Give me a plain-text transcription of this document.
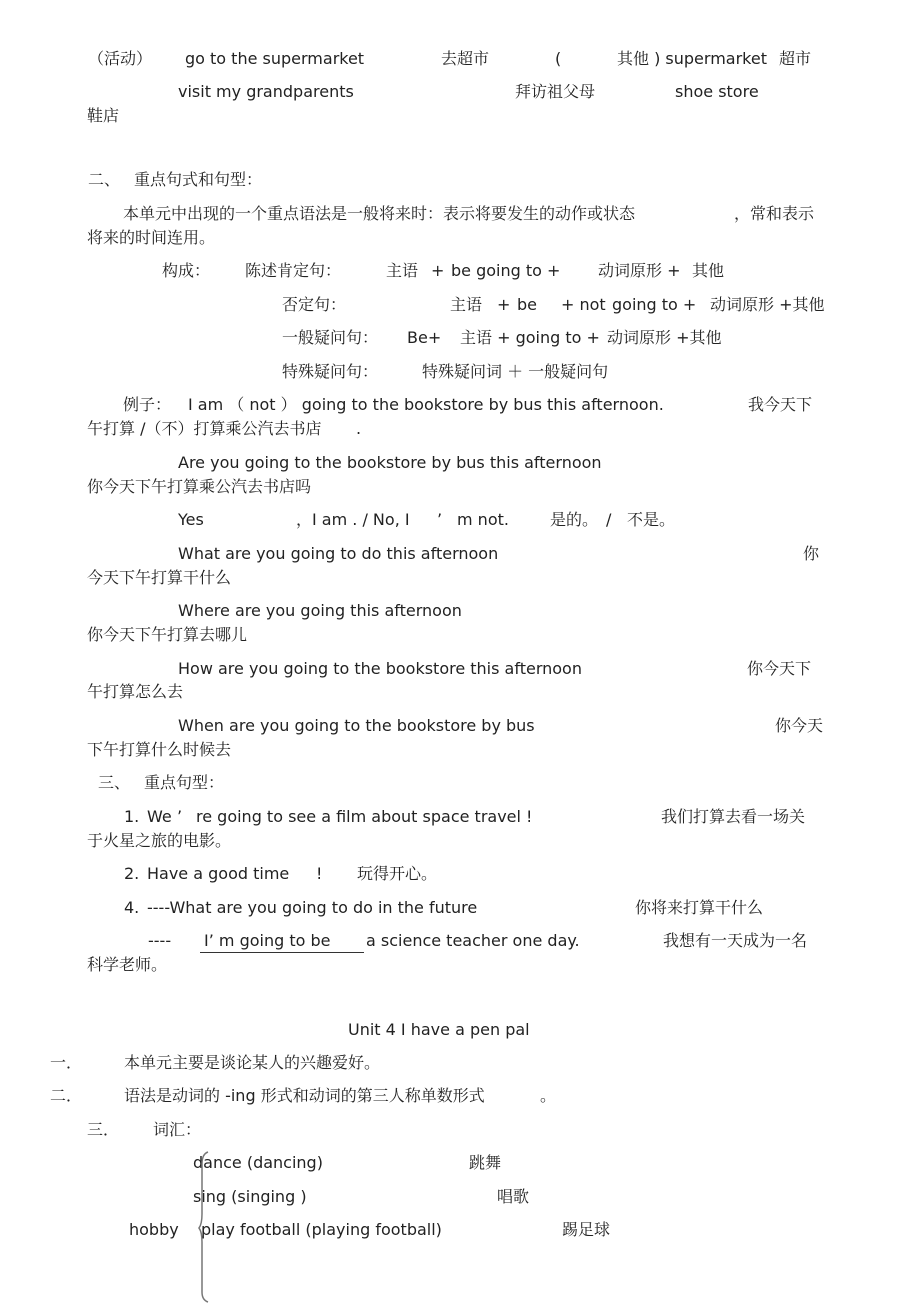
（活动） go to the supermarket	去超市	(	其他 ) supermarket 超市
visit my grandparents	拜访祖父母	shoe store
鞋店
二、 重点句式和句型：
本单元中出现的一个重点语法是一般将来时：表示将要发生的动作或状态	，常和表示
将来的时间连用。
构成： 陈述肯定句：	主语 + be going to + 动词原形 + 其他
否定句：	主语 + be + not going to + 动词原形 +其他
一般疑问句： Be+ 主语 + going to + 动词原形 +其他
特殊疑问句：	特殊疑问词 ＋ 一般疑问句
例子： I am （ not ） going to the bookstore by bus this afternoon.	我今天下
午打算 /（不）打算乘公汽去书店 .
Are you going to the bookstore by bus this afternoon
你今天下午打算乘公汽去书店吗
Yes	，I am . / No, I ’ m not.	是的。 / 不是。
What are you going to do this afternoon	你
今天下午打算干什么
Where are you going this afternoon
你今天下午打算去哪儿
How are you going to the bookstore this afternoon	你今天下
午打算怎么去
When are you going to the bookstore by bus	你今天
下午打算什么时候去
三、 重点句型：
1. We ’ re going to see a film about space travel !	我们打算去看一场关
于火星之旅的电影。
2. Have a good time ! 玩得开心。
4. ----What are you going to do in the future	你将来打算干什么
---- I’ m going to be	a science teacher one day.	我想有一天成为一名
科学老师。
Unit 4 I have a pen pal
一．	本单元主要是谈论某人的兴趣爱好。
二．	语法是动词的 -ing 形式和动词的第三人称单数形式	。
三． 词汇：
dance (dancing)	跳舞
sing (singing )	唱歌
hobby play football (playing football)	踢足球
